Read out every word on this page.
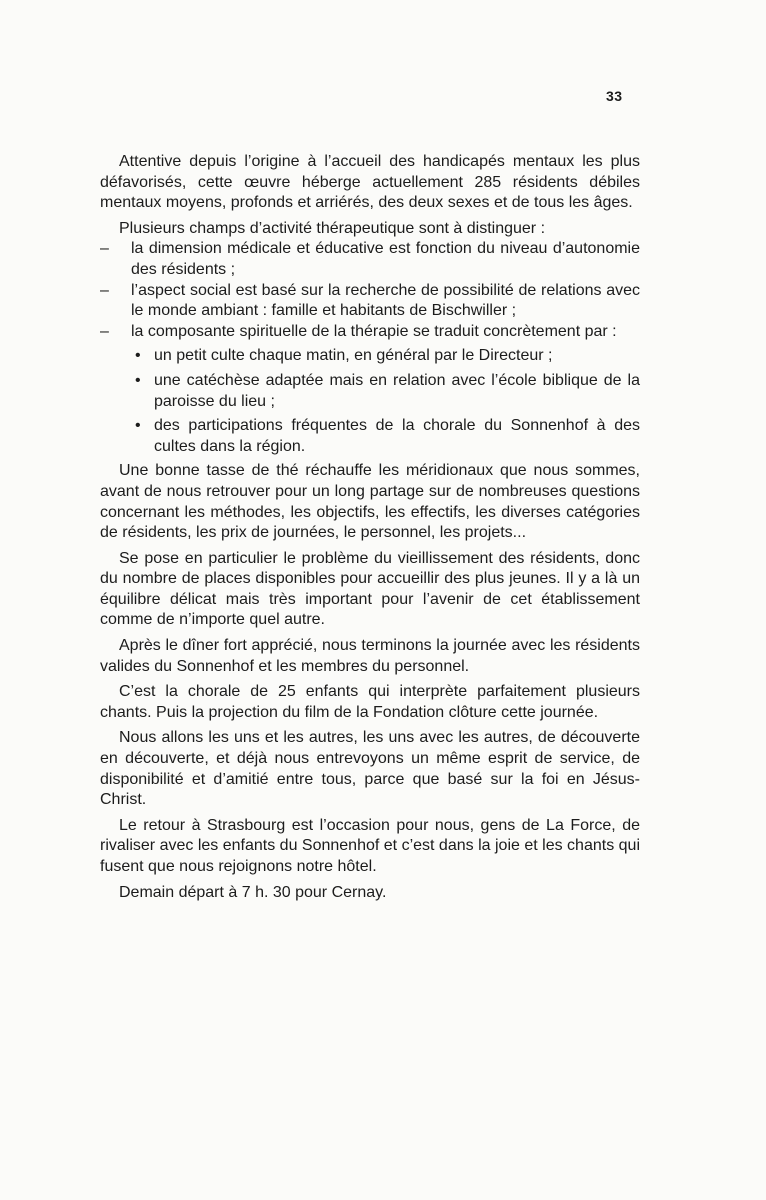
33

Attentive depuis l’origine à l’accueil des handicapés mentaux les plus défavorisés, cette œuvre héberge actuellement 285 résidents débiles mentaux moyens, profonds et arriérés, des deux sexes et de tous les âges.

Plusieurs champs d’activité thérapeutique sont à distinguer :

– la dimension médicale et éducative est fonction du niveau d’autonomie des résidents ;
– l’aspect social est basé sur la recherche de possibilité de relations avec le monde ambiant : famille et habitants de Bischwiller ;
– la composante spirituelle de la thérapie se traduit concrètement par :
• un petit culte chaque matin, en général par le Directeur ;
• une catéchèse adaptée mais en relation avec l’école biblique de la paroisse du lieu ;
• des participations fréquentes de la chorale du Sonnenhof à des cultes dans la région.

Une bonne tasse de thé réchauffe les méridionaux que nous sommes, avant de nous retrouver pour un long partage sur de nombreuses questions concernant les méthodes, les objectifs, les effectifs, les diverses catégories de résidents, les prix de journées, le personnel, les projets...

Se pose en particulier le problème du vieillissement des résidents, donc du nombre de places disponibles pour accueillir des plus jeunes. Il y a là un équilibre délicat mais très important pour l’avenir de cet établissement comme de n’importe quel autre.

Après le dîner fort apprécié, nous terminons la journée avec les résidents valides du Sonnenhof et les membres du personnel.

C’est la chorale de 25 enfants qui interprète parfaitement plusieurs chants. Puis la projection du film de la Fondation clôture cette journée.

Nous allons les uns et les autres, les uns avec les autres, de découverte en découverte, et déjà nous entrevoyons un même esprit de service, de disponibilité et d’amitié entre tous, parce que basé sur la foi en Jésus-Christ.

Le retour à Strasbourg est l’occasion pour nous, gens de La Force, de rivaliser avec les enfants du Sonnenhof et c’est dans la joie et les chants qui fusent que nous rejoignons notre hôtel.

Demain départ à 7 h. 30 pour Cernay.
